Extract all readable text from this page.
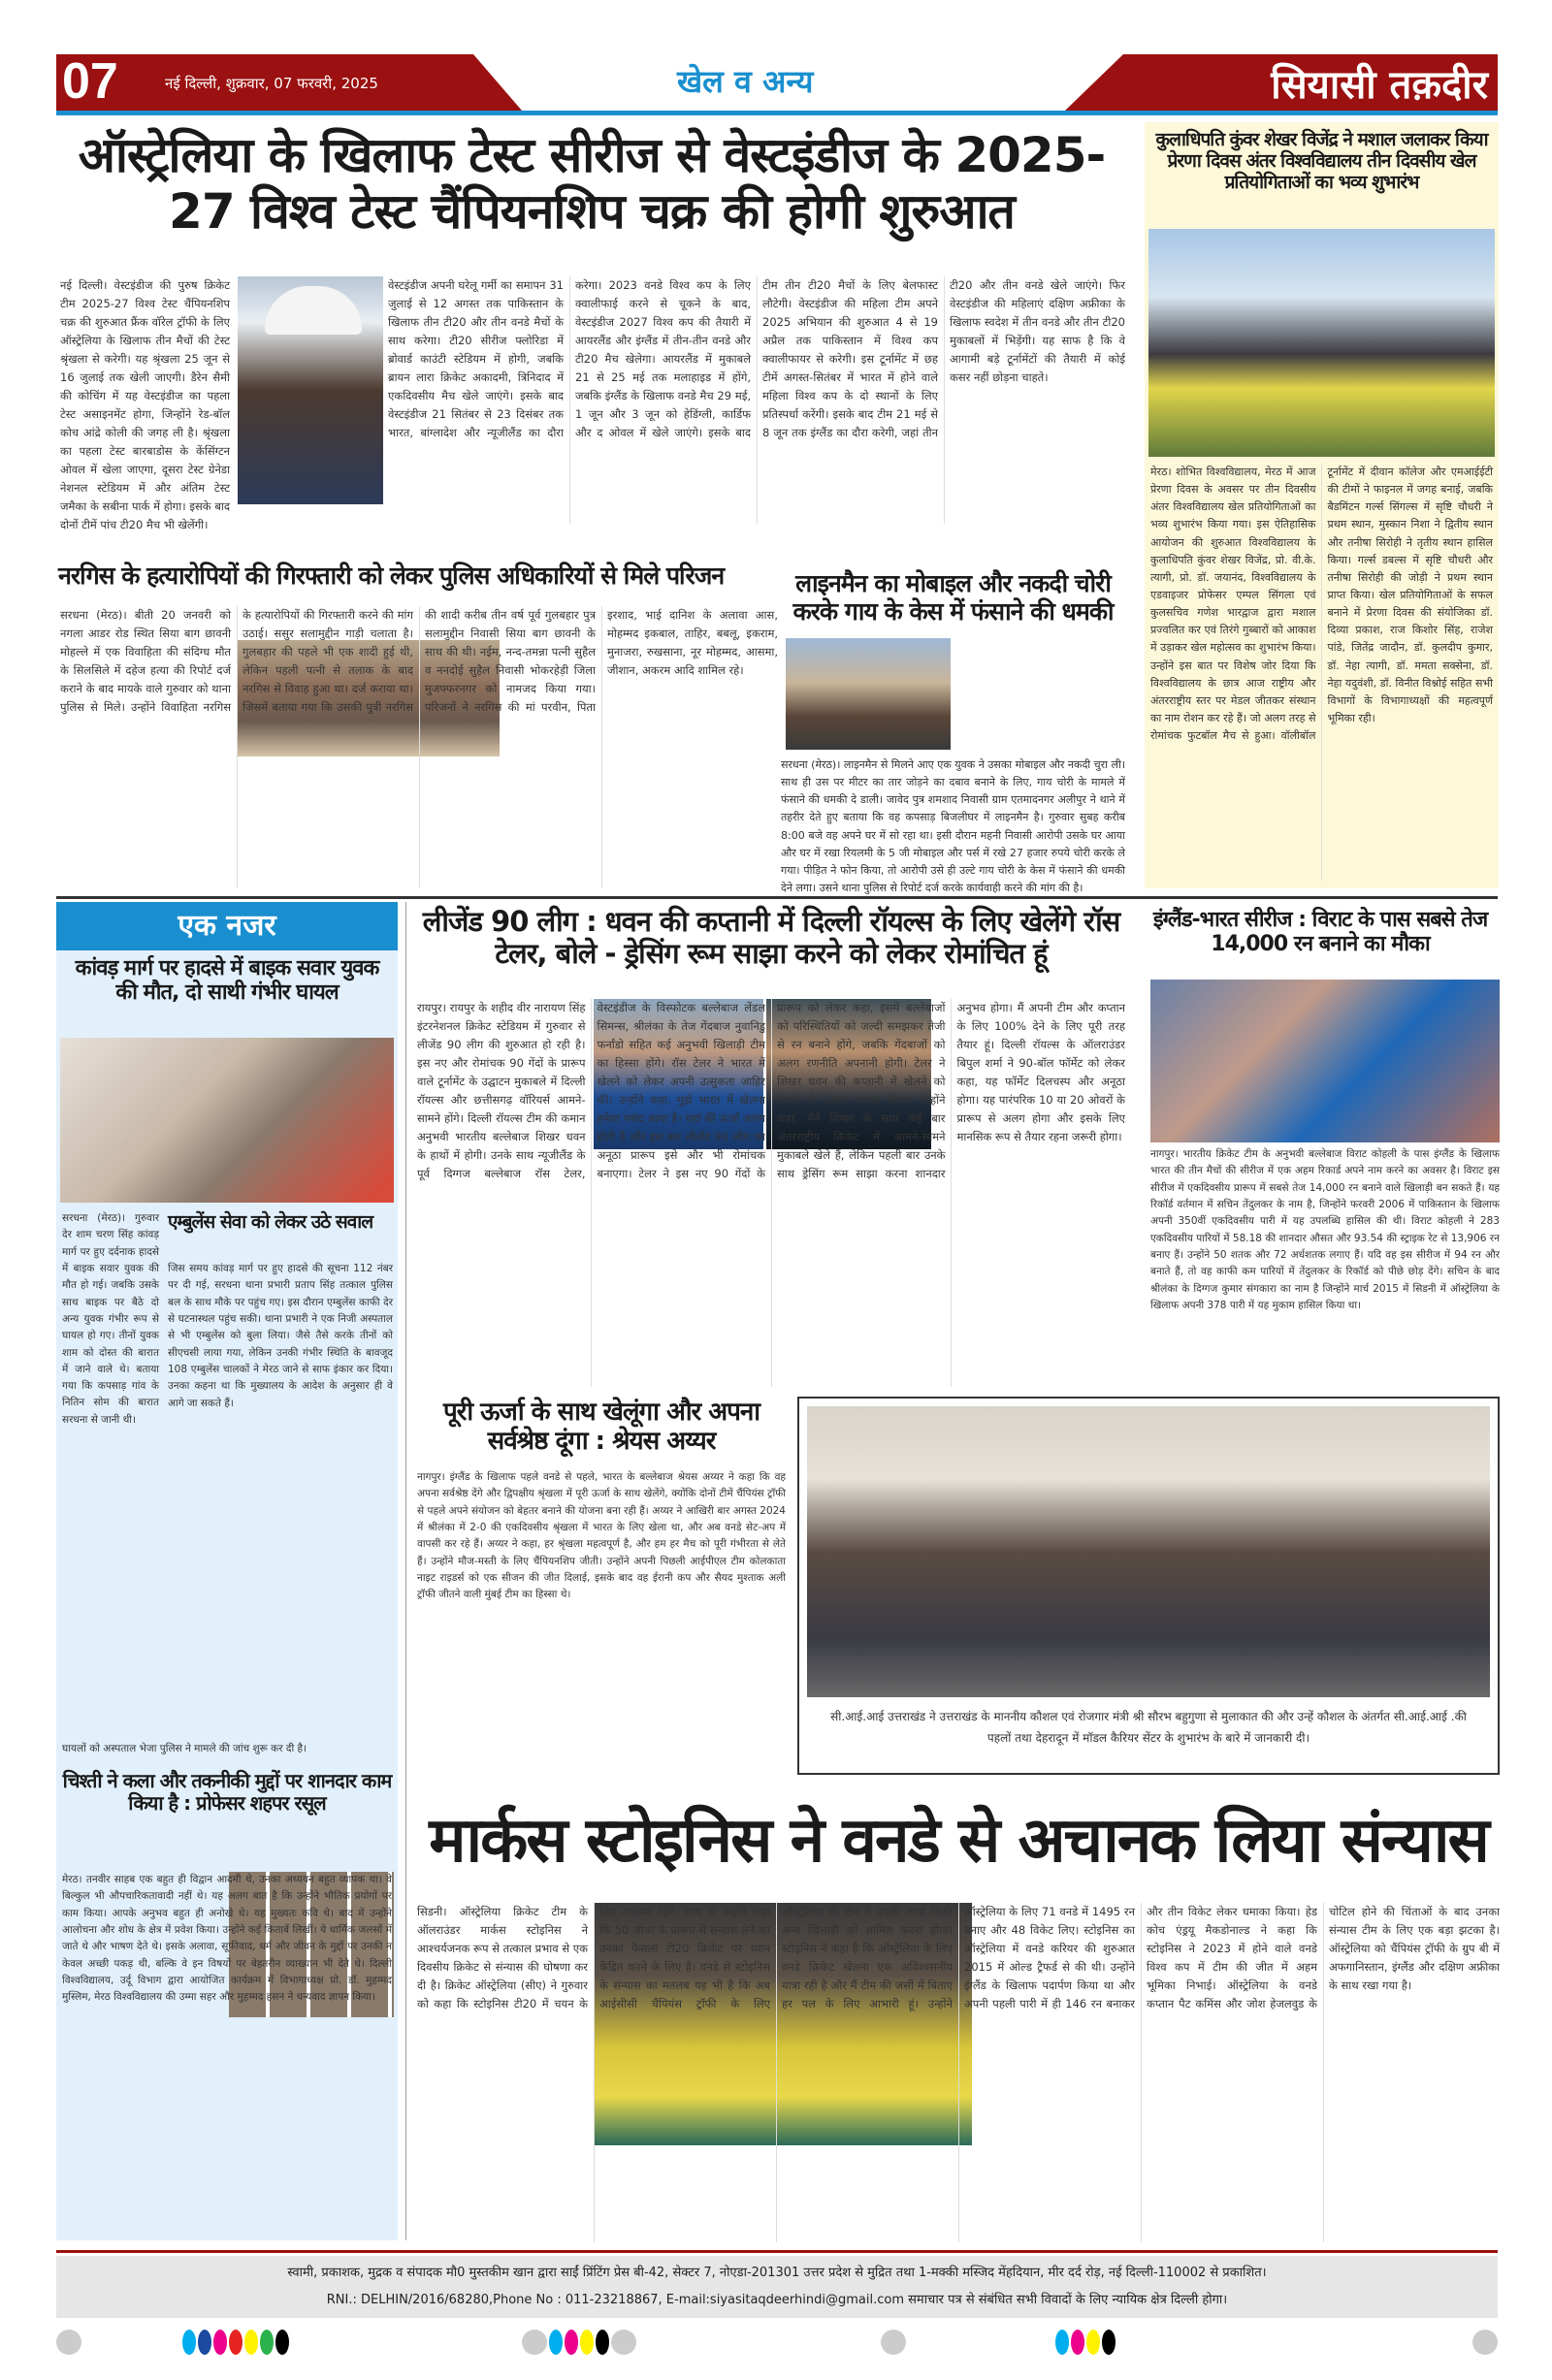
07	नई दिल्ली, शुक्रवार, 07 फरवरी, 2025	खेल व अन्य	सियासी तक़दीर
ऑस्ट्रेलिया के खिलाफ टेस्ट सीरीज से वेस्टइंडीज के 2025-27 विश्व टेस्ट चैंपियनशिप चक्र की होगी शुरुआत
नई दिल्ली। वेस्टइंडीज की पुरुष क्रिकेट टीम 2025-27 विश्व टेस्ट चैंपियनशिप चक्र की शुरुआत फ्रैंक वॉरेल ट्रॉफी के लिए ऑस्ट्रेलिया के खिलाफ तीन मैचों की टेस्ट श्रृंखला से करेगी। यह श्रृंखला 25 जून से 16 जुलाई तक खेली जाएगी। डैरेन सैमी की कोचिंग में यह वेस्टइंडीज का पहला टेस्ट असाइनमेंट होगा, जिन्होंने रेड-बॉल कोच आंद्रे कोली की जगह ली है। श्रृंखला का पहला टेस्ट बारबाडोस के केंसिंग्टन ओवल में खेला जाएगा, दूसरा टेस्ट ग्रेनेडा नेशनल स्टेडियम में और अंतिम टेस्ट जमैका के सबीना पार्क में होगा। इसके बाद दोनों टीमें पांच टी20 मैच भी खेलेंगी।
वेस्टइंडीज अपनी घरेलू गर्मी का समापन 31 जुलाई से 12 अगस्त तक पाकिस्तान के खिलाफ तीन टी20 और तीन वनडे मैचों के साथ करेगा। टी20 सीरीज फ्लोरिडा में ब्रोवार्ड काउंटी स्टेडियम में होगी, जबकि ब्रायन लारा क्रिकेट अकादमी, त्रिनिदाद में एकदिवसीय मैच खेले जाएंगे। इसके बाद वेस्टइंडीज 21 सितंबर से 23 दिसंबर तक भारत, बांग्लादेश और न्यूजीलैंड का दौरा करेगा। 2023 वनडे विश्व कप के लिए क्वालीफाई करने से चूकने के बाद, वेस्टइंडीज 2027 विश्व कप की तैयारी में आयरलैंड और इंग्लैंड में तीन-तीन वनडे और टी20 मैच खेलेगा। आयरलैंड में मुकाबले 21 से 25 मई तक मलाहाइड में होंगे, जबकि इंग्लैंड के खिलाफ वनडे मैच 29 मई, 1 जून और 3 जून को हेडिंग्ली, कार्डिफ और द ओवल में खेले जाएंगे। इसके बाद टीम तीन टी20 मैचों के लिए बेलफास्ट लौटेगी। वेस्टइंडीज की महिला टीम अपने 2025 अभियान की शुरुआत 4 से 19 अप्रैल तक पाकिस्तान में विश्व कप क्वालीफायर से करेगी। इस टूर्नामेंट में छह टीमें अगस्त-सितंबर में भारत में होने वाले महिला विश्व कप के दो स्थानों के लिए प्रतिस्पर्धा करेंगी। इसके बाद टीम 21 मई से 8 जून तक इंग्लैंड का दौरा करेगी, जहां तीन टी20 और तीन वनडे खेले जाएंगे। फिर वेस्टइंडीज की महिलाएं दक्षिण अफ्रीका के खिलाफ स्वदेश में तीन वनडे और तीन टी20 मुकाबलों में भिड़ेंगी। यह साफ है कि वे आगामी बड़े टूर्नामेंटों की तैयारी में कोई कसर नहीं छोड़ना चाहते।
नरगिस के हत्यारोपियों की गिरफ्तारी को लेकर पुलिस अधिकारियों से मिले परिजन
सरधना (मेरठ)। बीती 20 जनवरी को नगला आडर रोड स्थित सिया बाग छावनी मोहल्ले में एक विवाहिता की संदिग्ध मौत के सिलसिले में दहेज हत्या की रिपोर्ट दर्ज कराने के बाद मायके वाले गुरुवार को थाना पुलिस से मिले। उन्होंने विवाहिता नरगिस के हत्यारोपियों की गिरफ्तारी करने की मांग उठाई। ससुर सलामुद्दीन गाड़ी चलाता है। गुलबहार की पहले भी एक शादी हुई थी, लेकिन पहली पत्नी से तलाक के बाद नरगिस से विवाह हुआ था। दर्ज कराया था। जिसमें बताया गया कि उसकी पुत्री नरगिस की शादी करीब तीन वर्ष पूर्व गुलबहार पुत्र सलामुद्दीन निवासी सिया बाग छावनी के साथ की थी। नईम, नन्द-तमन्ना पत्नी सुहैल व ननदोई सुहैल निवासी भोकरहेड़ी जिला मुजफ्फरनगर को नामजद किया गया। परिजनों ने नरगिस की मां परवीन, पिता इरशाद, भाई दानिश के अलावा आस, मोहम्मद इकबाल, ताहिर, बबलू, इकराम, मुनाजरा, रुखसाना, नूर मोहम्मद, आसमा, जीशान, अकरम आदि शामिल रहे।
लाइनमैन का मोबाइल और नकदी चोरी करके गाय के केस में फंसाने की धमकी
सरधना (मेरठ)। लाइनमैन से मिलने आए एक युवक ने उसका मोबाइल और नकदी चुरा ली। साथ ही उस पर मीटर का तार जोड़ने का दबाव बनाने के लिए, गाय चोरी के मामले में फंसाने की धमकी दे डाली। जावेद पुत्र शमशाद निवासी ग्राम एतमादनगर अलीपुर ने थाने में तहरीर देते हुए बताया कि वह कपसाड़ बिजलीघर में लाइनमैन है। गुरुवार सुबह करीब 8:00 बजे वह अपने घर में सो रहा था। इसी दौरान महनी निवासी आरोपी उसके घर आया और घर में रखा रियलमी के 5 जी मोबाइल और पर्स में रखे 27 हजार रुपये चोरी करके ले गया। पीड़ित ने फोन किया, तो आरोपी उसे ही उल्टे गाय चोरी के केस में फंसाने की धमकी देने लगा। उसने थाना पुलिस से रिपोर्ट दर्ज करके कार्यवाही करने की मांग की है।
कुलाधिपति कुंवर शेखर विजेंद्र ने मशाल जलाकर किया प्रेरणा दिवस अंतर विश्वविद्यालय तीन दिवसीय खेल प्रतियोगिताओं का भव्य शुभारंभ
मेरठ। शोभित विश्वविद्यालय, मेरठ में आज प्रेरणा दिवस के अवसर पर तीन दिवसीय अंतर विश्वविद्यालय खेल प्रतियोगिताओं का भव्य शुभारंभ किया गया। इस ऐतिहासिक आयोजन की शुरुआत विश्वविद्यालय के कुलाधिपति कुंवर शेखर विजेंद्र, प्रो. वी.के. त्यागी, प्रो. डॉ. जयानंद, विश्वविद्यालय के एडवाइजर प्रोफेसर एम्पल सिंगला एवं कुलसचिव गणेश भारद्वाज द्वारा मशाल प्रज्वलित कर एवं तिरंगे गुब्बारों को आकाश में उड़ाकर खेल महोत्सव का शुभारंभ किया। उन्होंने इस बात पर विशेष जोर दिया कि विश्वविद्यालय के छात्र आज राष्ट्रीय और अंतरराष्ट्रीय स्तर पर मेडल जीतकर संस्थान का नाम रोशन कर रहे हैं। जो अलग तरह से रोमांचक फुटबॉल मैच से हुआ। वॉलीबॉल टूर्नामेंट में दीवान कॉलेज और एमआईईटी की टीमों ने फाइनल में जगह बनाई, जबकि बैडमिंटन गर्ल्स सिंगल्स में सृष्टि चौधरी ने प्रथम स्थान, मुस्कान निशा ने द्वितीय स्थान और तनीषा सिरोही ने तृतीय स्थान हासिल किया। गर्ल्स डबल्स में सृष्टि चौधरी और तनीषा सिरोही की जोड़ी ने प्रथम स्थान प्राप्त किया। खेल प्रतियोगिताओं के सफल बनाने में प्रेरणा दिवस की संयोजिका डॉ. दिव्या प्रकाश, राज किशोर सिंह, राजेश पांडे, जितेंद्र जादौन, डॉ. कुलदीप कुमार, डॉ. नेहा त्यागी, डॉ. ममता सक्सेना, डॉ. नेहा यदुवंशी, डॉ. विनीत विश्नोई सहित सभी विभागों के विभागाध्यक्षों की महत्वपूर्ण भूमिका रही।
एक नजर
कांवड़ मार्ग पर हादसे में बाइक सवार युवक की मौत, दो साथी गंभीर घायल
सरधना (मेरठ)। गुरुवार देर शाम चरण सिंह कांवड़ मार्ग पर हुए दर्दनाक हादसे में बाइक सवार युवक की मौत हो गई। जबकि उसके साथ बाइक पर बैठे दो अन्य युवक गंभीर रूप से घायल हो गए। तीनों युवक शाम को दोस्त की बारात में जाने वाले थे। बताया गया कि कपसाड़ गांव के नितिन सोम की बारात सरधना से जानी थी।
एम्बुलेंस सेवा को लेकर उठे सवाल
जिस समय कांवड़ मार्ग पर हुए हादसे की सूचना 112 नंबर पर दी गई, सरधना थाना प्रभारी प्रताप सिंह तत्काल पुलिस बल के साथ मौके पर पहुंच गए। इस दौरान एम्बुलेंस काफी देर से घटनास्थल पहुंच सकी। थाना प्रभारी ने एक निजी अस्पताल से भी एम्बुलेंस को बुला लिया। जैसे तैसे करके तीनों को सीएचसी लाया गया, लेकिन उनकी गंभीर स्थिति के बावजूद 108 एम्बुलेंस चालकों ने मेरठ जाने से साफ इंकार कर दिया। उनका कहना था कि मुख्यालय के आदेश के अनुसार ही वे आगे जा सकते हैं।
घायलों को अस्पताल भेजा पुलिस ने मामले की जांच शुरू कर दी है।
चिश्ती ने कला और तकनीकी मुद्दों पर शानदार काम किया है : प्रोफेसर शहपर रसूल
मेरठ। तनवीर साहब एक बहुत ही विद्वान आदमी थे, उनका अध्ययन बहुत व्यापक था। वे बिल्कुल भी औपचारिकतावादी नहीं थे। यह अलग बात है कि उन्होंने भौतिक प्रयोगों पर काम किया। आपके अनुभव बहुत ही अनोखे थे। यह मुख्यतः कवि थे। बाद में उन्होंने आलोचना और शोध के क्षेत्र में प्रवेश किया। उन्होंने कई किताबें लिखीं। ये धार्मिक जलसों में जाते थे और भाषण देते थे। इसके अलावा, सूफीवाद, धर्म और जीवन के मुद्दों पर उनकी न केवल अच्छी पकड़ थी, बल्कि वे इन विषयों पर बेहतरीन व्याख्यान भी देते थे। दिल्ली विश्वविद्यालय, उर्दू विभाग द्वारा आयोजित कार्यक्रम में विभागाध्यक्ष प्रो. डॉ. मुहम्मद मुस्लिम, मेरठ विश्वविद्यालय की उम्मा सहर और मुहम्मद हसन ने धन्यवाद ज्ञापन किया।
लीजेंड 90 लीग : धवन की कप्तानी में दिल्ली रॉयल्स के लिए खेलेंगे रॉस टेलर, बोले - ड्रेसिंग रूम साझा करने को लेकर रोमांचित हूं
रायपुर। रायपुर के शहीद वीर नारायण सिंह इंटरनेशनल क्रिकेट स्टेडियम में गुरुवार से लीजेंड 90 लीग की शुरुआत हो रही है। इस नए और रोमांचक 90 गेंदों के प्रारूप वाले टूर्नामेंट के उद्घाटन मुकाबले में दिल्ली रॉयल्स और छत्तीसगढ़ वॉरियर्स आमने-सामने होंगे। दिल्ली रॉयल्स टीम की कमान अनुभवी भारतीय बल्लेबाज शिखर धवन के हाथों में होगी। उनके साथ न्यूजीलैंड के पूर्व दिग्गज बल्लेबाज रॉस टेलर, वेस्टइंडीज के विस्फोटक बल्लेबाज लेंडल सिमन्स, श्रीलंका के तेज गेंदबाज नुवानिडु फर्नांडो सहित कई अनुभवी खिलाड़ी टीम का हिस्सा होंगे। रॉस टेलर ने भारत में खेलने को लेकर अपनी उत्सुकता जाहिर की। उन्होंने कहा, मुझे भारत में खेलना हमेशा पसंद आया है। यहां की ऊर्जा अलग होती है और इस बार लीजेंड 90 लीग का अनूठा प्रारूप इसे और भी रोमांचक बनाएगा। टेलर ने इस नए 90 गेंदों के प्रारूप को लेकर कहा, इसमें बल्लेबाजों को परिस्थितियों को जल्दी समझकर तेजी से रन बनाने होंगे, जबकि गेंदबाजों को अलग रणनीति अपनानी होगी। टेलर ने शिखर धवन की कप्तानी में खेलने को लेकर भी उत्साह व्यक्त किया। उन्होंने कहा, मैंने शिखर के साथ कई बार अंतरराष्ट्रीय क्रिकेट में आमने-सामने मुकाबले खेले हैं, लेकिन पहली बार उनके साथ ड्रेसिंग रूम साझा करना शानदार अनुभव होगा। मैं अपनी टीम और कप्तान के लिए 100% देने के लिए पूरी तरह तैयार हूं। दिल्ली रॉयल्स के ऑलराउंडर बिपुल शर्मा ने 90-बॉल फॉर्मेट को लेकर कहा, यह फॉर्मेट दिलचस्प और अनूठा होगा। यह पारंपरिक 10 या 20 ओवरों के प्रारूप से अलग होगा और इसके लिए मानसिक रूप से तैयार रहना जरूरी होगा।
पूरी ऊर्जा के साथ खेलूंगा और अपना सर्वश्रेष्ठ दूंगा : श्रेयस अय्यर
नागपुर। इंग्लैंड के खिलाफ पहले वनडे से पहले, भारत के बल्लेबाज श्रेयस अय्यर ने कहा कि वह अपना सर्वश्रेष्ठ देंगे और द्विपक्षीय श्रृंखला में पूरी ऊर्जा के साथ खेलेंगे, क्योंकि दोनों टीमें चैंपियंस ट्रॉफी से पहले अपने संयोजन को बेहतर बनाने की योजना बना रही हैं। अय्यर ने आखिरी बार अगस्त 2024 में श्रीलंका में 2-0 की एकदिवसीय श्रृंखला में भारत के लिए खेला था, और अब वनडे सेट-अप में वापसी कर रहे हैं। अय्यर ने कहा, हर श्रृंखला महत्वपूर्ण है, और हम हर मैच को पूरी गंभीरता से लेते हैं। उन्होंने मौज-मस्ती के लिए चैंपियनशिप जीती। उन्होंने अपनी पिछली आईपीएल टीम कोलकाता नाइट राइडर्स को एक सीजन की जीत दिलाई, इसके बाद वह ईरानी कप और सैयद मुश्ताक अली ट्रॉफी जीतने वाली मुंबई टीम का हिस्सा थे।
सी.आई.आई उत्तराखंड ने उत्तराखंड के माननीय कौशल एवं रोजगार मंत्री श्री सौरभ बहुगुणा से मुलाकात की और उन्हें कौशल के अंतर्गत सी.आई.आई .की पहलों तथा देहरादून में मॉडल कैरियर सेंटर के शुभारंभ के बारे में जानकारी दी।
इंग्लैंड-भारत सीरीज : विराट के पास सबसे तेज 14,000 रन बनाने का मौका
नागपुर। भारतीय क्रिकेट टीम के अनुभवी बल्लेबाज विराट कोहली के पास इंग्लैंड के खिलाफ भारत की तीन मैचों की सीरीज में एक अहम रिकार्ड अपने नाम करने का अवसर है। विराट इस सीरीज में एकदिवसीय प्रारूप में सबसे तेज 14,000 रन बनाने वाले खिलाड़ी बन सकते हैं। यह रिकॉर्ड वर्तमान में सचिन तेंदुलकर के नाम है, जिन्होंने फरवरी 2006 में पाकिस्तान के खिलाफ अपनी 350वीं एकदिवसीय पारी में यह उपलब्धि हासिल की थी। विराट कोहली ने 283 एकदिवसीय पारियों में 58.18 की शानदार औसत और 93.54 की स्ट्राइक रेट से 13,906 रन बनाए हैं। उन्होंने 50 शतक और 72 अर्धशतक लगाए हैं। यदि वह इस सीरीज में 94 रन और बनाते हैं, तो वह काफी कम पारियों में तेंदुलकर के रिकॉर्ड को पीछे छोड़ देंगे। सचिन के बाद श्रीलंका के दिग्गज कुमार संगकारा का नाम है जिन्होंने मार्च 2015 में सिडनी में ऑस्ट्रेलिया के खिलाफ अपनी 378 पारी में यह मुकाम हासिल किया था।
मार्कस स्टोइनिस ने वनडे से अचानक लिया संन्यास
सिडनी। ऑस्ट्रेलिया क्रिकेट टीम के ऑलराउंडर मार्कस स्टोइनिस ने आश्चर्यजनक रूप से तत्काल प्रभाव से एक दिवसीय क्रिकेट से संन्यास की घोषणा कर दी है। क्रिकेट ऑस्ट्रेलिया (सीए) ने गुरुवार को कहा कि स्टोइनिस टी20 में चयन के लिए उपलब्ध रहेंगे, साथ ही उन्होंने कहा कि 50 ओवर के प्रारूप से संन्यास लेने का उनका फैसला टी20 क्रिकेट पर ध्यान केंद्रित करने के लिए है। वनडे से स्टोइनिस के संन्यास का मतलब यह भी है कि अब आईसीसी चैंपियंस ट्रॉफी के लिए ऑस्ट्रेलिया की टीम में उनकी जगह किसी अन्य खिलाड़ी को शामिल करना होगा। स्टोइनिस ने कहा है कि ऑस्ट्रेलिया के लिए वनडे क्रिकेट खेलना एक अविश्वसनीय यात्रा रही है और मैं टीम की जर्सी में बिताए हर पल के लिए आभारी हूं। उन्होंने ऑस्ट्रेलिया के लिए 71 वनडे में 1495 रन बनाए और 48 विकेट लिए। स्टोइनिस का ऑस्ट्रेलिया में वनडे करियर की शुरुआत 2015 में ओल्ड ट्रैफर्ड से की थी। उन्होंने इंग्लैंड के खिलाफ पदार्पण किया था और अपनी पहली पारी में ही 146 रन बनाकर और तीन विकेट लेकर धमाका किया। हेड कोच एंड्रयू मैकडोनाल्ड ने कहा कि स्टोइनिस ने 2023 में होने वाले वनडे विश्व कप में टीम की जीत में अहम भूमिका निभाई। ऑस्ट्रेलिया के वनडे कप्तान पैट कमिंस और जोश हेजलवुड के चोटिल होने की चिंताओं के बाद उनका संन्यास टीम के लिए एक बड़ा झटका है। ऑस्ट्रेलिया को चैंपियंस ट्रॉफी के ग्रुप बी में अफगानिस्तान, इंग्लैंड और दक्षिण अफ्रीका के साथ रखा गया है।
स्वामी, प्रकाशक, मुद्रक व संपादक मौ0 मुस्तकीम खान द्वारा साईं प्रिंटिंग प्रेस बी-42, सेक्टर 7, नोएडा-201301 उत्तर प्रदेश से मुद्रित तथा 1-मक्की मस्जिद मेंहदियान, मीर दर्द रोड़, नई दिल्ली-110002 से प्रकाशित।
RNI.: DELHIN/2016/68280,Phone No : 011-23218867, E-mail:siyasitaqdeerhindi@gmail.com समाचार पत्र से संबंधित सभी विवादों के लिए न्यायिक क्षेत्र दिल्ली होगा।
